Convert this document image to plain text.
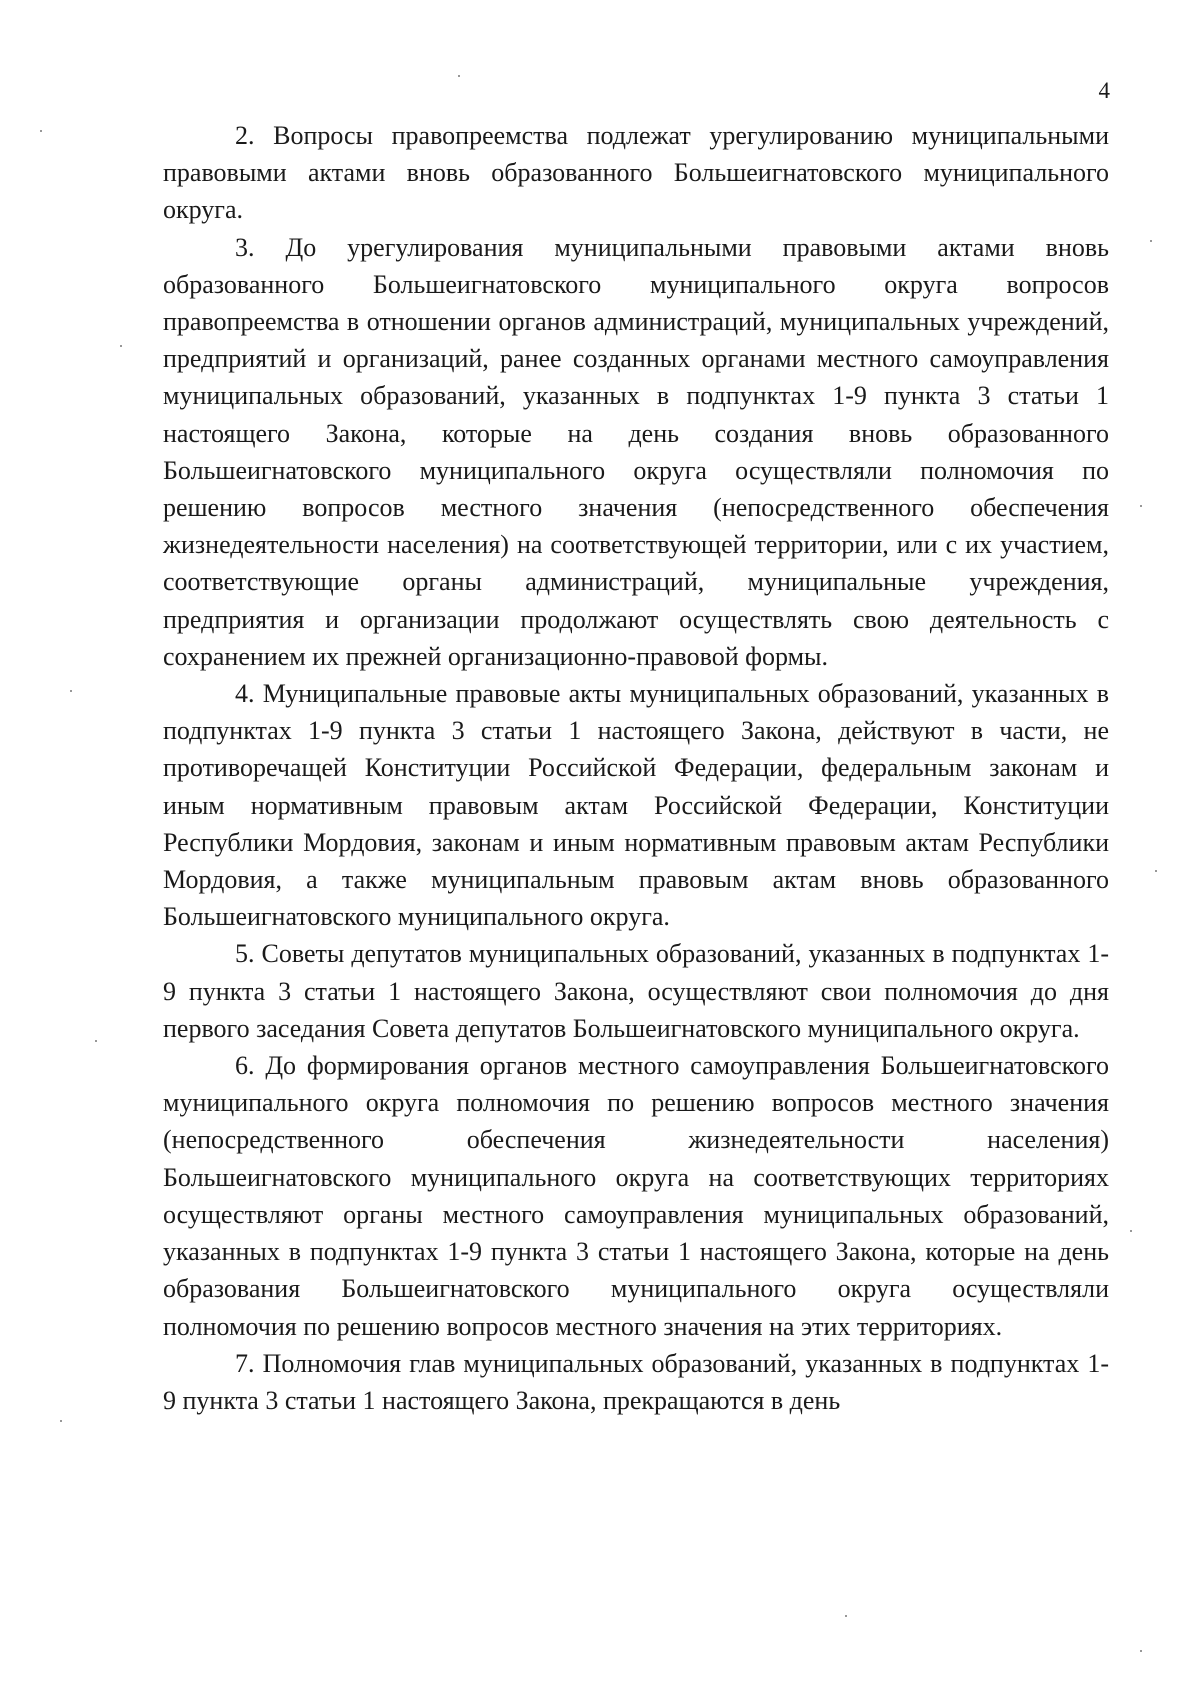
4

2. Вопросы правопреемства подлежат урегулированию муниципальными правовыми актами вновь образованного Большеигнатовского муниципального округа.

3. До урегулирования муниципальными правовыми актами вновь образованного Большеигнатовского муниципального округа вопросов правопреемства в отношении органов администраций, муниципальных учреждений, предприятий и организаций, ранее созданных органами местного самоуправления муниципальных образований, указанных в подпунктах 1-9 пункта 3 статьи 1 настоящего Закона, которые на день создания вновь образованного Большеигнатовского муниципального округа осуществляли полномочия по решению вопросов местного значения (непосредственного обеспечения жизнедеятельности населения) на соответствующей территории, или с их участием, соответствующие органы администраций, муниципальные учреждения, предприятия и организации продолжают осуществлять свою деятельность с сохранением их прежней организационно-правовой формы.

4. Муниципальные правовые акты муниципальных образований, указанных в подпунктах 1-9 пункта 3 статьи 1 настоящего Закона, действуют в части, не противоречащей Конституции Российской Федерации, федеральным законам и иным нормативным правовым актам Российской Федерации, Конституции Республики Мордовия, законам и иным нормативным правовым актам Республики Мордовия, а также муниципальным правовым актам вновь образованного Большеигнатовского муниципального округа.

5. Советы депутатов муниципальных образований, указанных в подпунктах 1-9 пункта 3 статьи 1 настоящего Закона, осуществляют свои полномочия до дня первого заседания Совета депутатов Большеигнатовского муниципального округа.

6. До формирования органов местного самоуправления Большеигнатовского муниципального округа полномочия по решению вопросов местного значения (непосредственного обеспечения жизнедеятельности населения) Большеигнатовского муниципального округа на соответствующих территориях осуществляют органы местного самоуправления муниципальных образований, указанных в подпунктах 1-9 пункта 3 статьи 1 настоящего Закона, которые на день образования Большеигнатовского муниципального округа осуществляли полномочия по решению вопросов местного значения на этих территориях.

7. Полномочия глав муниципальных образований, указанных в подпунктах 1-9 пункта 3 статьи 1 настоящего Закона, прекращаются в день
